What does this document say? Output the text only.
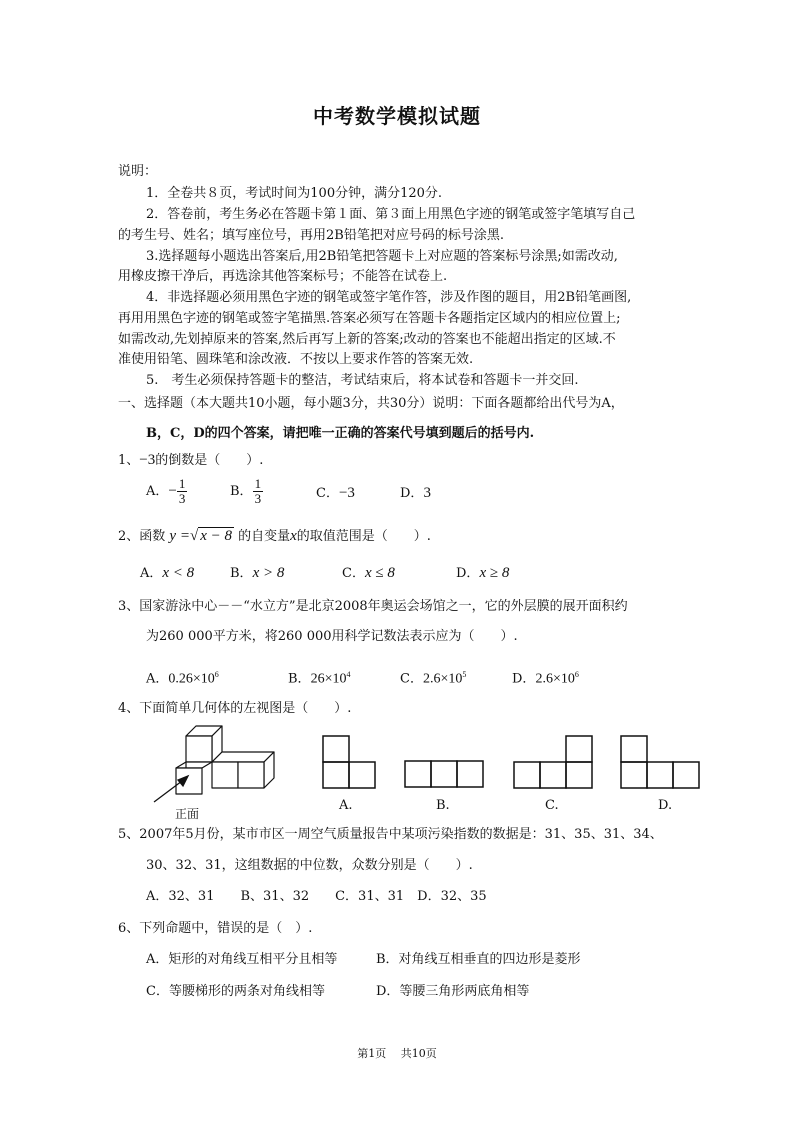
中考数学模拟试题
说明：
1．全卷共８页，考试时间为100分钟，满分120分.
2．答卷前，考生务必在答题卡第１面、第３面上用黑色字迹的钢笔或签字笔填写自己
的考生号、姓名；填写座位号，再用2B铅笔把对应号码的标号涂黑.
3.选择题每小题选出答案后,用2B铅笔把答题卡上对应题的答案标号涂黑;如需改动,
用橡皮擦干净后，再选涂其他答案标号；不能答在试卷上.
4．非选择题必须用黑色字迹的钢笔或签字笔作答，涉及作图的题目，用2B铅笔画图,
再用用黑色字迹的钢笔或签字笔描黑.答案必须写在答题卡各题指定区域内的相应位置上;
如需改动,先划掉原来的答案,然后再写上新的答案;改动的答案也不能超出指定的区域.不
准使用铅笔、圆珠笔和涂改液．不按以上要求作答的答案无效.
5.　考生必须保持答题卡的整洁，考试结束后，将本试卷和答题卡一并交回.
一、选择题（本大题共10小题，每小题3分，共30分）说明：下面各题都给出代号为A，
B，C，D的四个答案，请把唯一正确的答案代号填到题后的括号内.
1、−3的倒数是（　　）.
A．− $\frac{1}{3}$	B． $\frac{1}{3}$	C．−3	D．3
2、函数 y =√ x − 8 的自变量x的取值范围是（　　）.
A．x < 8	B．x > 8	C．x ≤ 8	D．x ≥ 8
3、国家游泳中心－－“水立方”是北京2008年奥运会场馆之一，它的外层膜的展开面积约
为260 000平方米，将260 000用科学记数法表示应为（　　）.
A．$0.26\times 10^6$	B．$26\times 10^4$	C．$2.6\times 10^5$	D．$2.6\times 10^6$
4、下面简单几何体的左视图是（　　）.
正面
A.	B.	C.	D.
5、2007年5月份，某市市区一周空气质量报告中某项污染指数的数据是：31、35、31、34、
30、32、31，这组数据的中位数，众数分别是（　　）.
A．32、31　　B、31、32　　C．31、31　D．32、35
6、下列命题中，错误的是（　）.
A．矩形的对角线互相平分且相等	B．对角线互相垂直的四边形是菱形
C．等腰梯形的两条对角线相等	D．等腰三角形两底角相等
第1页　 共10页
